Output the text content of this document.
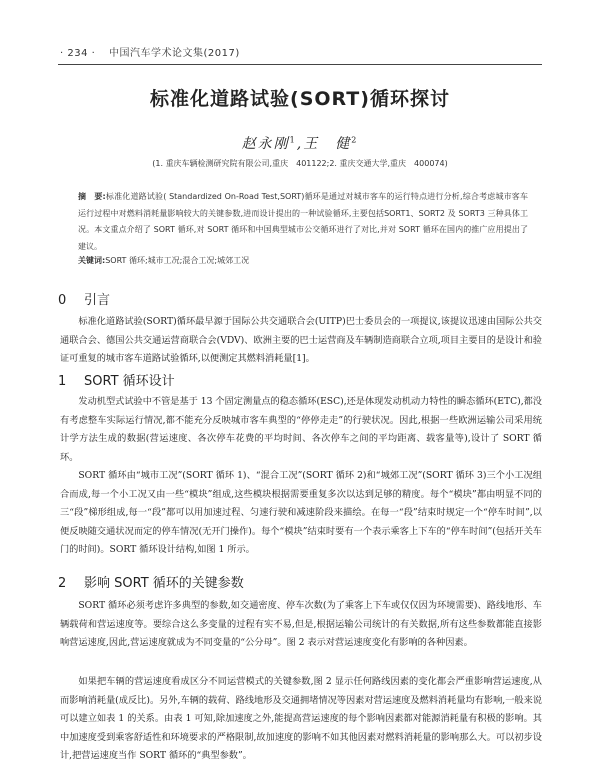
· 234 · 中国汽车学术论文集(2017)
标准化道路试验(SORT)循环探讨
赵永刚$^1$,王　健$^2$
(1. 重庆车辆检测研究院有限公司,重庆　401122;2. 重庆交通大学,重庆　400074)
摘　要:标准化道路试验( Standardized On-Road Test,SORT)循环是通过对城市客车的运行特点进行分析,综合考虑城市客车运行过程中对燃料消耗量影响较大的关键参数,进而设计提出的一种试验循环,主要包括SORT1、SORT2 及 SORT3 三种具体工况。本文重点介绍了 SORT 循环,对 SORT 循环和中国典型城市公交循环进行了对比,并对 SORT 循环在国内的推广应用提出了建议。
关键词:SORT 循环;城市工况;混合工况;城郊工况
0 引言
标准化道路试验(SORT)循环最早源于国际公共交通联合会(UITP)巴士委员会的一项提议,该提议迅速由国际公共交通联合会、德国公共交通运营商联合会(VDV)、欧洲主要的巴士运营商及车辆制造商联合立项,项目主要目的是设计和验证可重复的城市客车道路试验循环,以便测定其燃料消耗量[1]。
1 SORT 循环设计
发动机型式试验中不管是基于 13 个固定测量点的稳态循环(ESC),还是体现发动机动力特性的瞬态循环(ETC),都没有考虑整车实际运行情况,都不能充分反映城市客车典型的“停停走走”的行驶状况。因此,根据一些欧洲运输公司采用统计学方法生成的数据(营运速度、各次停车花费的平均时间、各次停车之间的平均距离、载客量等),设计了 SORT 循环。
SORT 循环由“城市工况”(SORT 循环 1)、“混合工况”(SORT 循环 2)和“城郊工况”(SORT 循环 3)三个小工况组合而成,每一个小工况又由一些“模块”组成,这些模块根据需要重复多次以达到足够的精度。每个“模块”都由明显不同的三“段”梯形组成,每一“段”都可以用加速过程、匀速行驶和减速阶段来描绘。在每一“段”结束时规定一个“停车时间”,以便反映随交通状况而定的停车情况(无开门操作)。每个“模块”结束时要有一个表示乘客上下车的“停车时间”(包括开关车门的时间)。SORT 循环设计结构,如图 1 所示。
2 影响 SORT 循环的关键参数
SORT 循环必须考虑许多典型的参数,如交通密度、停车次数(为了乘客上下车或仅仅因为环境需要)、路线地形、车辆载荷和营运速度等。要综合这么多变量的过程有实不易,但是,根据运输公司统计的有关数据,所有这些参数都能直接影响营运速度,因此,营运速度就成为不同变量的“公分母”。图 2 表示对营运速度变化有影响的各种因素。
如果把车辆的营运速度看成区分不同运营模式的关键参数,图 2 显示任何路线因素的变化都会严重影响营运速度,从而影响消耗量(成反比)。另外,车辆的载荷、路线地形及交通拥堵情况等因素对营运速度及燃料消耗量均有影响,一般来说可以建立如表 1 的关系。由表 1 可知,除加速度之外,能提高营运速度的每个影响因素都对能源消耗量有积极的影响。其中加速度受到乘客舒适性和环境要求的严格限制,故加速度的影响不如其他因素对燃料消耗量的影响那么大。可以初步设计,把营运速度当作 SORT 循环的“典型参数”。
